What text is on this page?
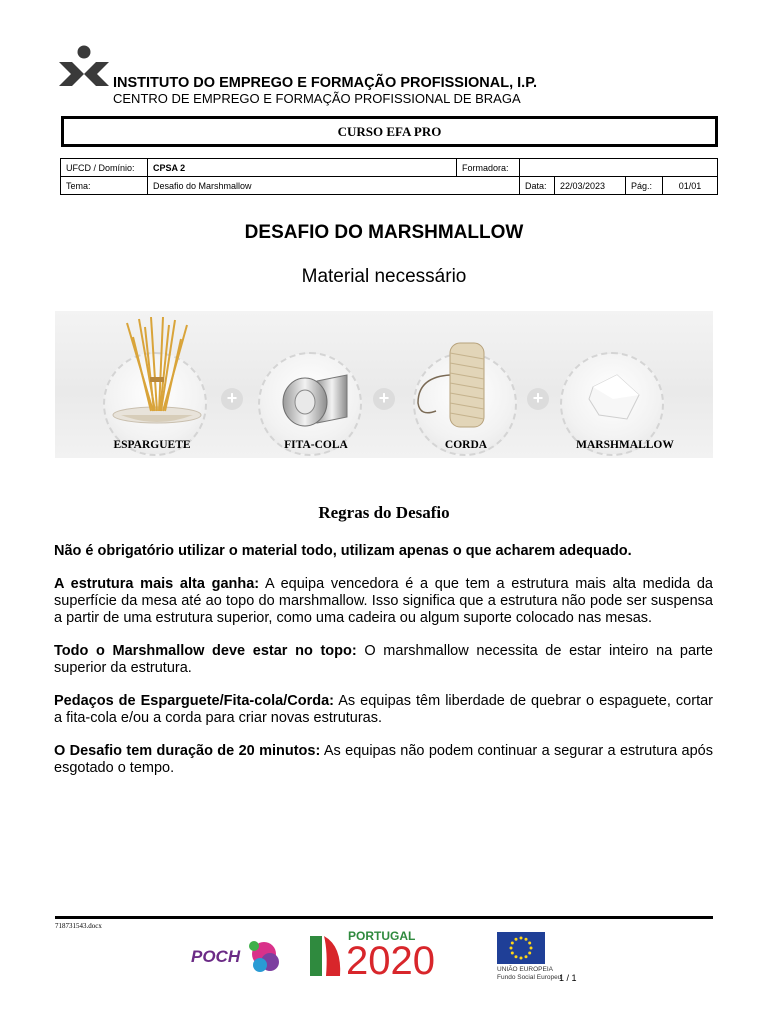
INSTITUTO DO EMPREGO E FORMAÇÃO PROFISSIONAL, I.P.
CENTRO DE EMPREGO E FORMAÇÃO PROFISSIONAL DE BRAGA
CURSO EFA PRO
UFCD / Domínio:	CPSA 2	Formadora:				
Tema:	Desafio do Marshmallow		Data:	22/03/2023	Pág.:	01/01
DESAFIO DO MARSHMALLOW
Material necessário
+	+	+
ESPARGUETE	FITA-COLA	CORDA	MARSHMALLOW
Regras do Desafio

Não é obrigatório utilizar o material todo, utilizam apenas o que acharem adequado.

A estrutura mais alta ganha: A equipa vencedora é a que tem a estrutura mais alta medida da superfície da mesa até ao topo do marshmallow. Isso significa que a estrutura não pode ser suspensa a partir de uma estrutura superior, como uma cadeira ou algum suporte colocado nas mesas.

Todo o Marshmallow deve estar no topo: O marshmallow necessita de estar inteiro na parte superior da estrutura.

Pedaços de Esparguete/Fita-cola/Corda: As equipas têm liberdade de quebrar o espaguete, cortar a fita-cola e/ou a corda para criar novas estruturas.

O Desafio tem duração de 20 minutos: As equipas não podem continuar a segurar a estrutura após esgotado o tempo.

718731543.docx
POCH
PORTUGAL
2020	UNIÃO EUROPEIA
Fundo Social Europeu
1 / 1
